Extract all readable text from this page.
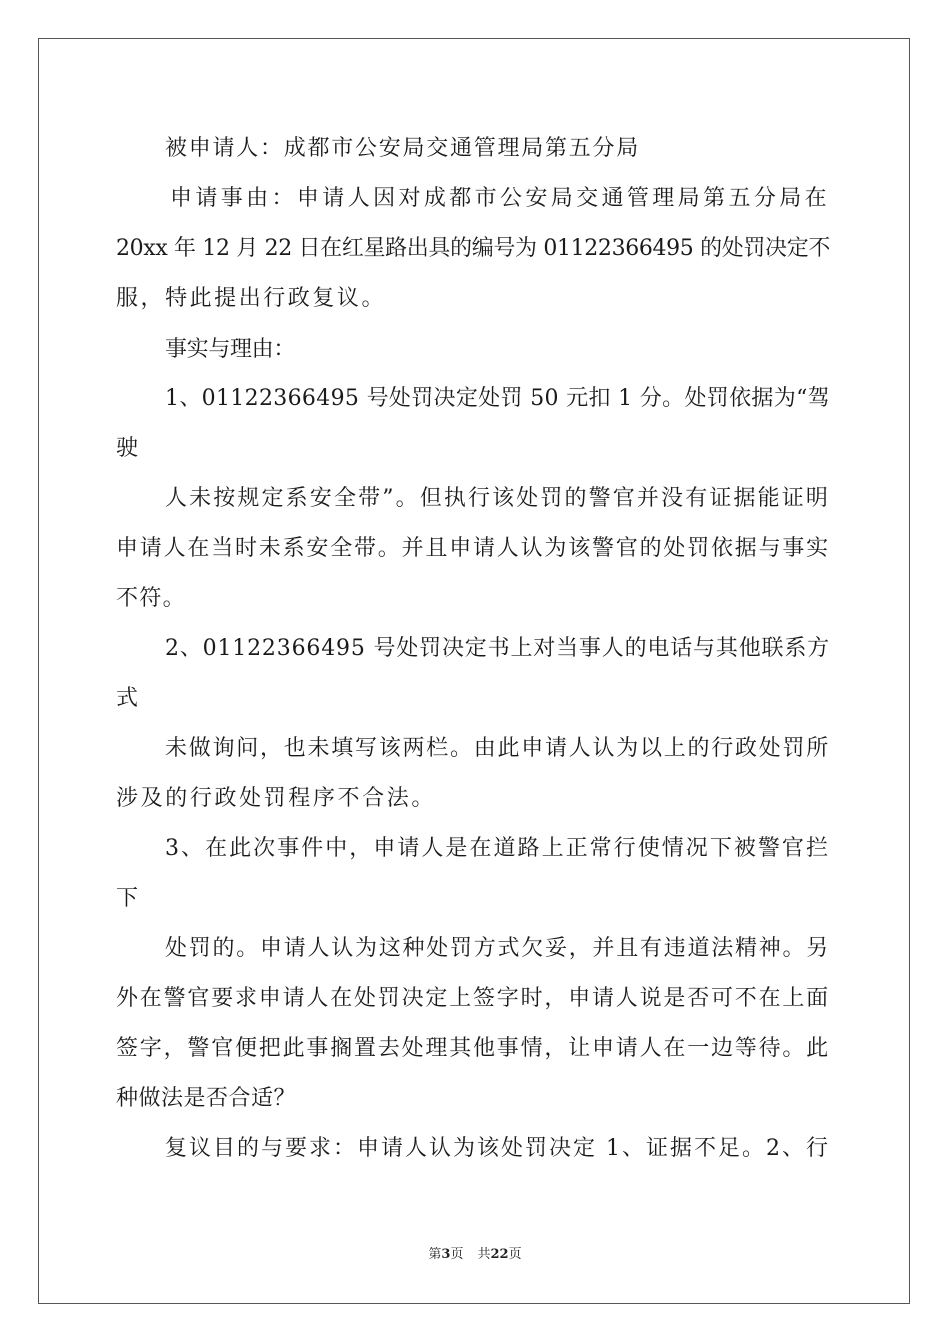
被申请人：成都市公安局交通管理局第五分局
申请事由：申请人因对成都市公安局交通管理局第五分局在
20xx 年 12 月 22 日在红星路出具的编号为 01122366495 的处罚决定不
服，特此提出行政复议。
事实与理由：
1、01122366495 号处罚决定处罚 50 元扣 1 分。处罚依据为“驾
驶
人未按规定系安全带”。但执行该处罚的警官并没有证据能证明
申请人在当时未系安全带。并且申请人认为该警官的处罚依据与事实
不符。
2、01122366495 号处罚决定书上对当事人的电话与其他联系方
式
未做询问，也未填写该两栏。由此申请人认为以上的行政处罚所
涉及的行政处罚程序不合法。
3、在此次事件中，申请人是在道路上正常行使情况下被警官拦
下
处罚的。申请人认为这种处罚方式欠妥，并且有违道法精神。另
外在警官要求申请人在处罚决定上签字时，申请人说是否可不在上面
签字，警官便把此事搁置去处理其他事情，让申请人在一边等待。此
种做法是否合适？
复议目的与要求：申请人认为该处罚决定 1、证据不足。2、行
第3页 共22页
